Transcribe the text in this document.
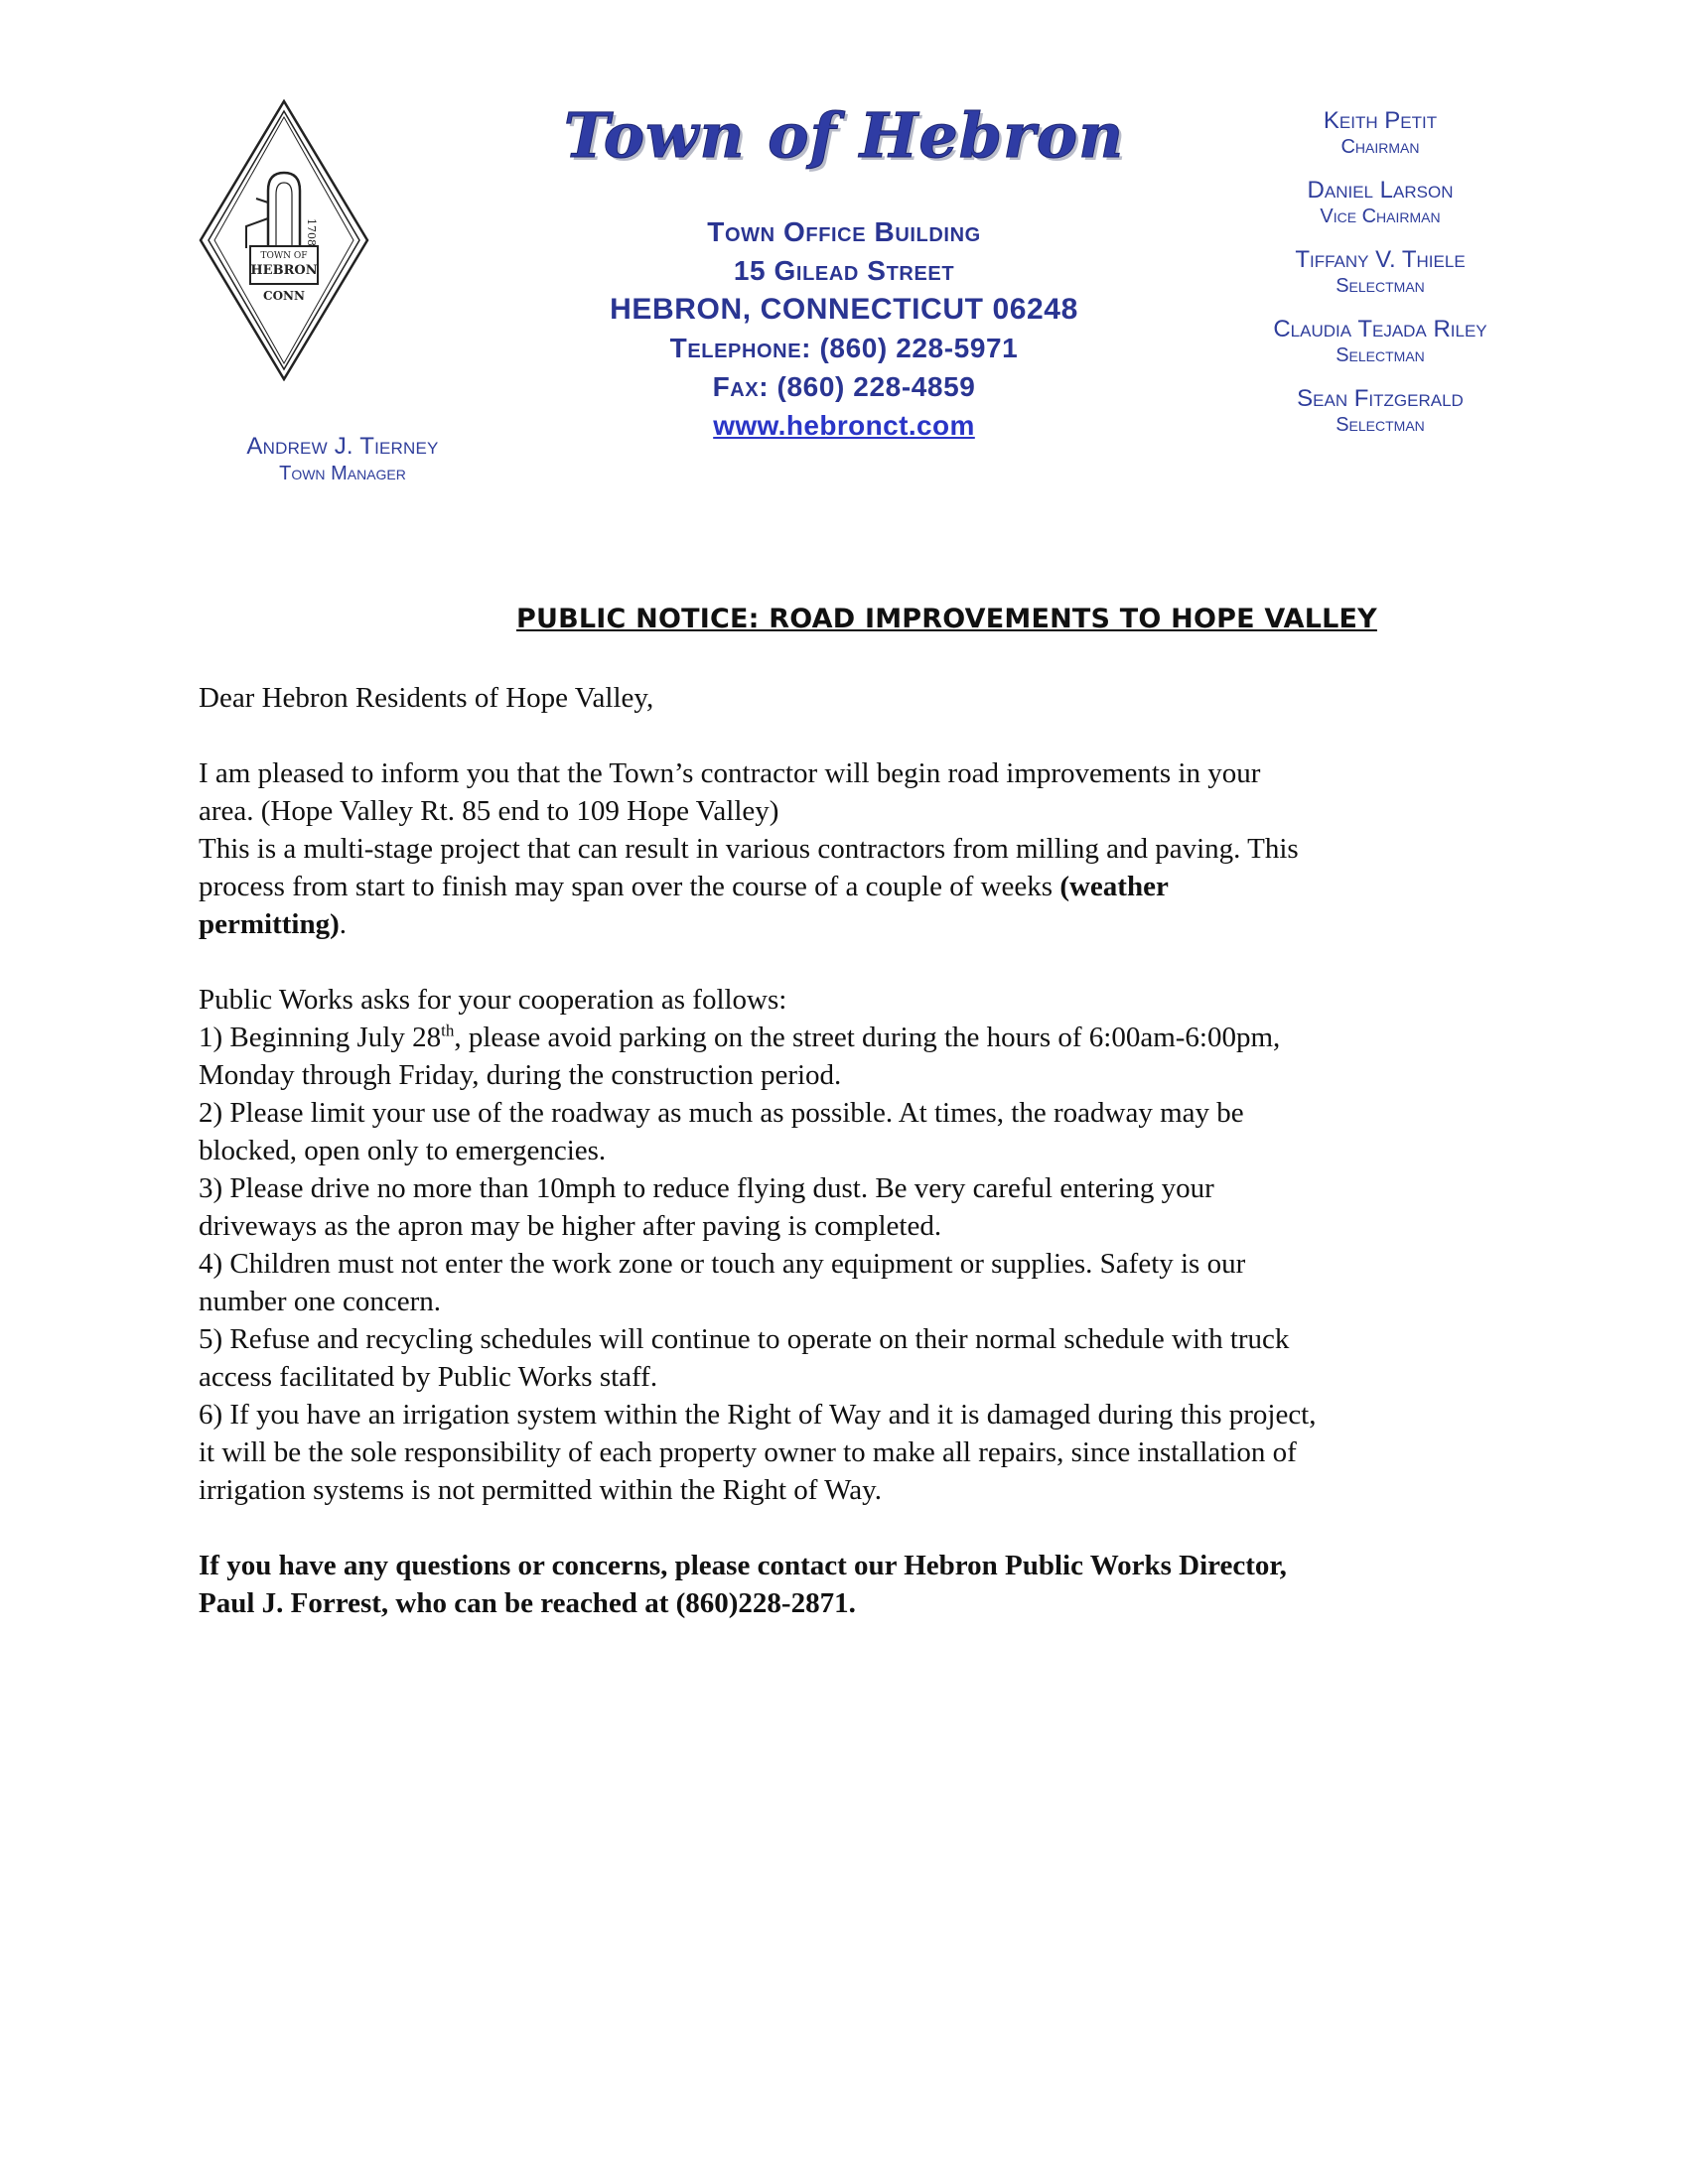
1708
TOWN OF
HEBRON
CONN
Andrew J. Tierney
Town Manager
Town of Hebron
Town Office Building
15 Gilead Street
HEBRON, CONNECTICUT 06248
Telephone: (860) 228-5971
Fax: (860) 228-4859
www.hebronct.com
Keith Petit
Chairman
Daniel Larson
Vice Chairman
Tiffany V. Thiele
Selectman
Claudia Tejada Riley
Selectman
Sean Fitzgerald
Selectman
PUBLIC NOTICE: ROAD IMPROVEMENTS TO HOPE VALLEY

Dear Hebron Residents of Hope Valley,

I am pleased to inform you that the Town’s contractor will begin road improvements in your

area. (Hope Valley Rt. 85 end to 109 Hope Valley)

This is a multi-stage project that can result in various contractors from milling and paving. This

process from start to finish may span over the course of a couple of weeks (weather

permitting).

Public Works asks for your cooperation as follows:

1) Beginning July 28th, please avoid parking on the street during the hours of 6:00am-6:00pm,

Monday through Friday, during the construction period.

2) Please limit your use of the roadway as much as possible. At times, the roadway may be

blocked, open only to emergencies.

3) Please drive no more than 10mph to reduce flying dust. Be very careful entering your

driveways as the apron may be higher after paving is completed.

4) Children must not enter the work zone or touch any equipment or supplies. Safety is our

number one concern.

5) Refuse and recycling schedules will continue to operate on their normal schedule with truck

access facilitated by Public Works staff.

6) If you have an irrigation system within the Right of Way and it is damaged during this project,

it will be the sole responsibility of each property owner to make all repairs, since installation of

irrigation systems is not permitted within the Right of Way.

If you have any questions or concerns, please contact our Hebron Public Works Director,

Paul J. Forrest, who can be reached at (860)228-2871.
